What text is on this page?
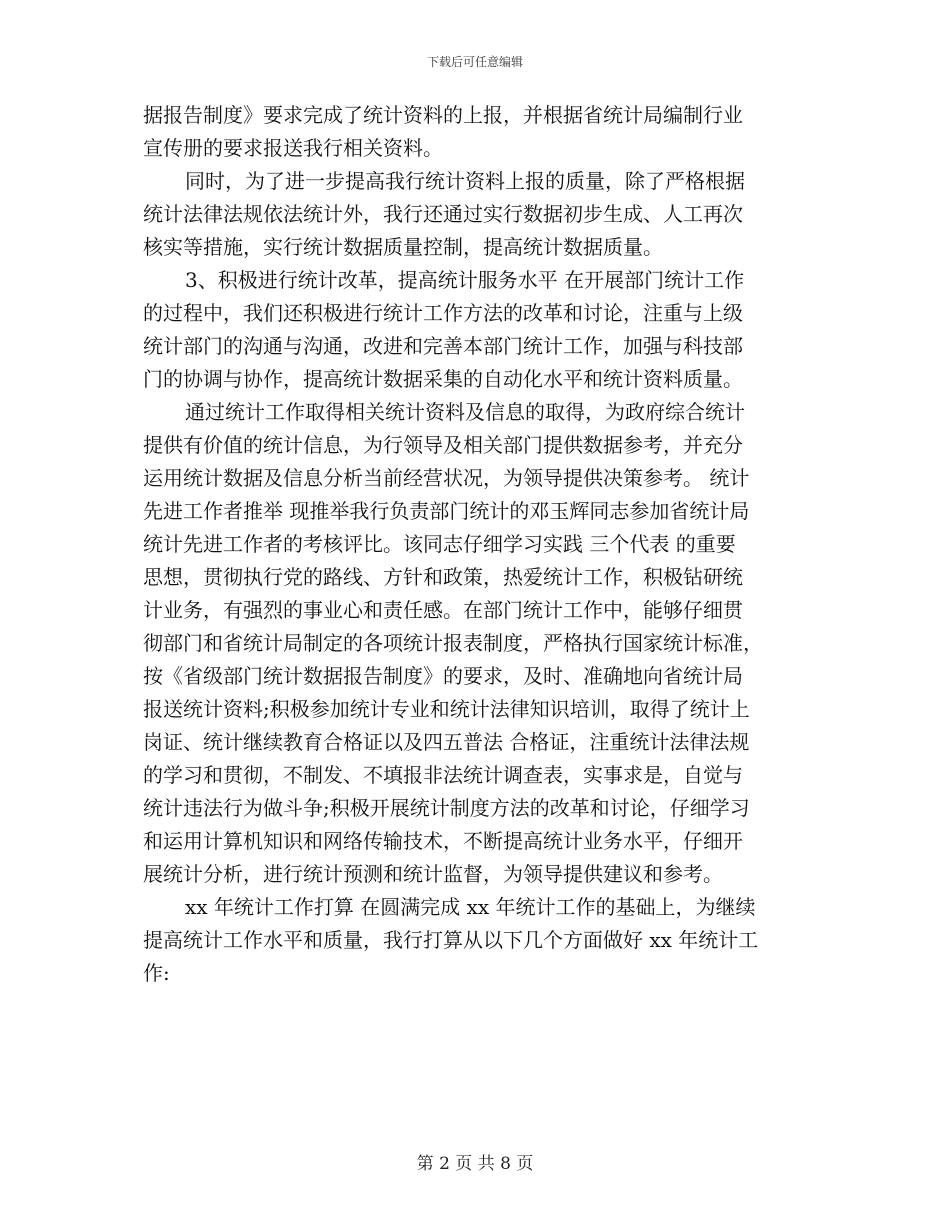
下载后可任意编辑
据报告制度》要求完成了统计资料的上报，并根据省统计局编制行业
宣传册的要求报送我行相关资料。
同时，为了进一步提高我行统计资料上报的质量，除了严格根据
统计法律法规依法统计外，我行还通过实行数据初步生成、人工再次
核实等措施，实行统计数据质量控制，提高统计数据质量。
3、积极进行统计改革，提高统计服务水平 在开展部门统计工作
的过程中，我们还积极进行统计工作方法的改革和讨论，注重与上级
统计部门的沟通与沟通，改进和完善本部门统计工作，加强与科技部
门的协调与协作，提高统计数据采集的自动化水平和统计资料质量。
通过统计工作取得相关统计资料及信息的取得，为政府综合统计
提供有价值的统计信息，为行领导及相关部门提供数据参考，并充分
运用统计数据及信息分析当前经营状况，为领导提供决策参考。 统计
先进工作者推举 现推举我行负责部门统计的邓玉辉同志参加省统计局
统计先进工作者的考核评比。该同志仔细学习实践 三个代表 的重要
思想，贯彻执行党的路线、方针和政策，热爱统计工作，积极钻研统
计业务，有强烈的事业心和责任感。在部门统计工作中，能够仔细贯
彻部门和省统计局制定的各项统计报表制度，严格执行国家统计标准，
按《省级部门统计数据报告制度》的要求，及时、准确地向省统计局
报送统计资料;积极参加统计专业和统计法律知识培训，取得了统计上
岗证、统计继续教育合格证以及四五普法 合格证，注重统计法律法规
的学习和贯彻，不制发、不填报非法统计调查表，实事求是，自觉与
统计违法行为做斗争;积极开展统计制度方法的改革和讨论，仔细学习
和运用计算机知识和网络传输技术，不断提高统计业务水平，仔细开
展统计分析，进行统计预测和统计监督，为领导提供建议和参考。
xx 年统计工作打算 在圆满完成 xx 年统计工作的基础上，为继续
提高统计工作水平和质量，我行打算从以下几个方面做好 xx 年统计工
作:
第 2 页 共 8 页
